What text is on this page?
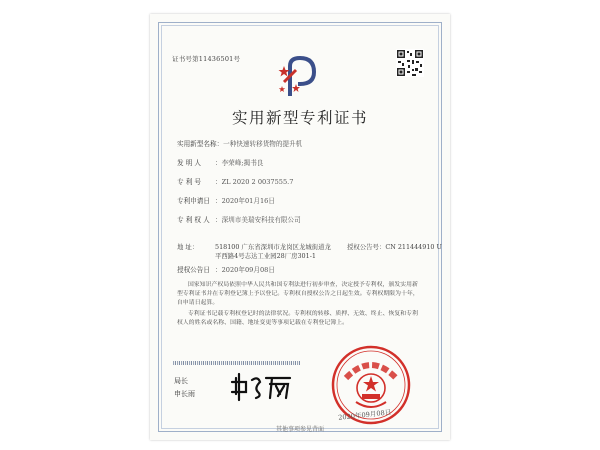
证书号第11436501号
实用新型专利证书
实用新型名称：一种快速转移货物的提升机
发 明 人 ：李荣峰;揭书良
专 利 号 ：ZL 2020 2 0037555.7
专利申请日 ：2020年01月16日
专 利 权 人 ：深圳市美瑞安科技有限公司
地 址：	518100 广东省深圳市龙岗区龙城街道龙平西路4号志达工业园28厂房301-1
授权公告号：CN 211444910 U
授权公告日 ：2020年09月08日
国家知识产权局依照中华人民共和国专利法进行初步审查，决定授予专利权，颁发实用新型专利证书并在专利登记簿上予以登记。专利权自授权公告之日起生效。专利权期限为十年，自申请日起算。
专利证书记载专利权登记时的法律状况。专利权的转移、质押、无效、终止、恢复和专利权人的姓名或名称、国籍、地址变更等事项记载在专利登记簿上。
局长
申长雨
2020年09月08日
其他事项参见背面
